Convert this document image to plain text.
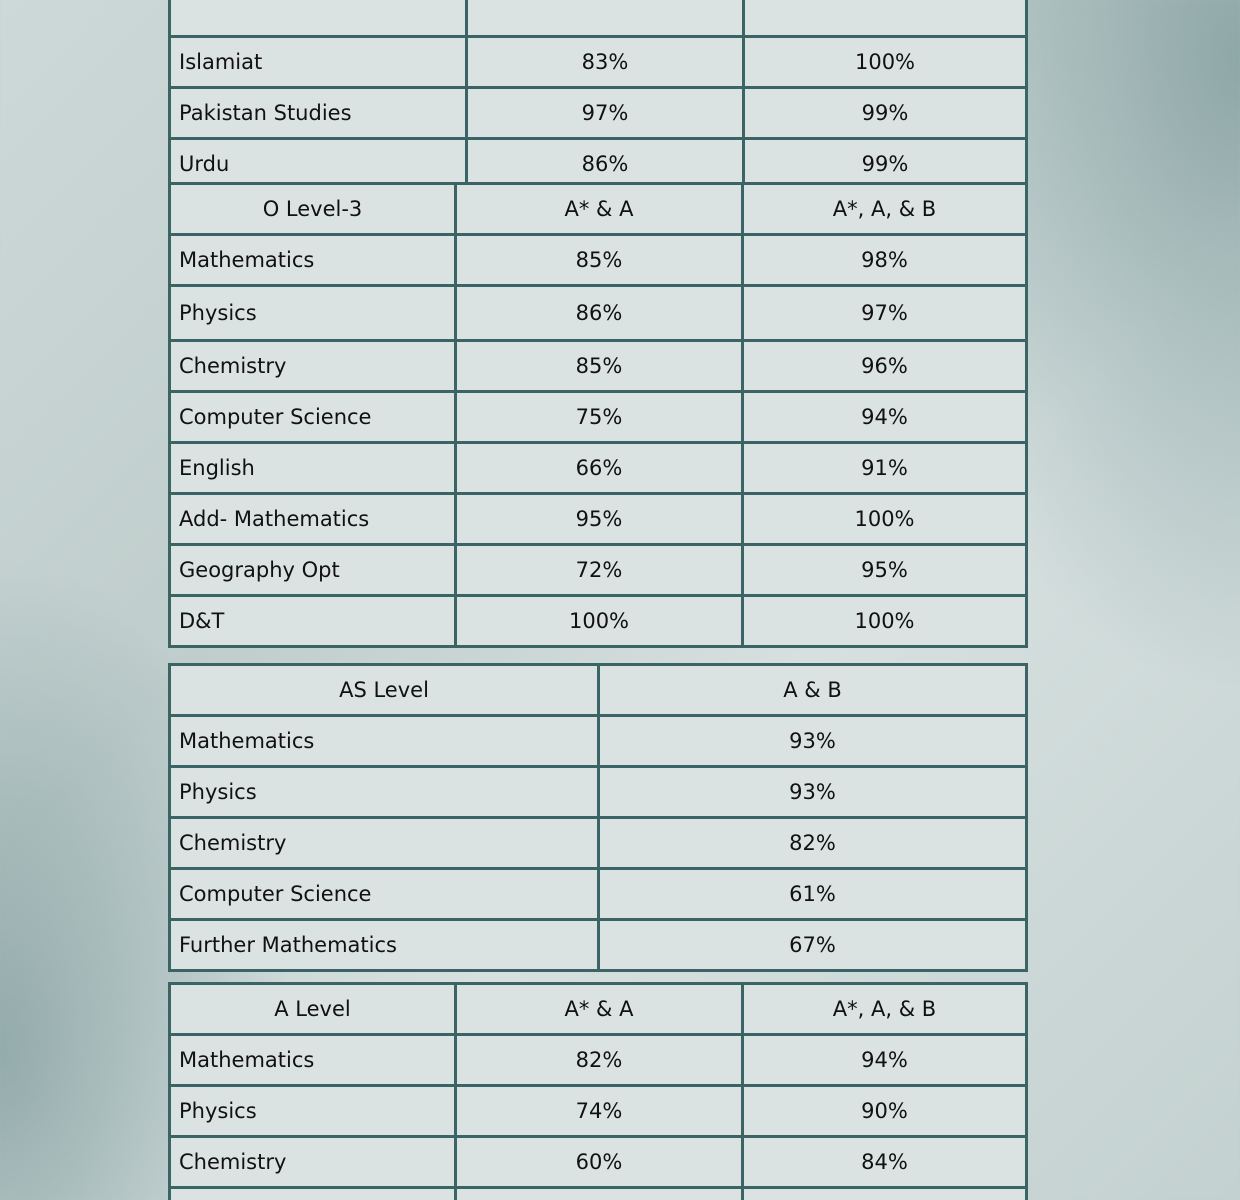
Islamiat	83%	100%
Pakistan Studies	97%	99%
Urdu	86%	99%
O Level-3	A* & A	A*, A, & B
Mathematics	85%	98%
Physics	86%	97%
Chemistry	85%	96%
Computer Science	75%	94%
English	66%	91%
Add- Mathematics	95%	100%
Geography Opt	72%	95%
D&T	100%	100%
AS Level	A & B
Mathematics	93%
Physics	93%
Chemistry	82%
Computer Science	61%
Further Mathematics	67%
A Level	A* & A	A*, A, & B
Mathematics	82%	94%
Physics	74%	90%
Chemistry	60%	84%
